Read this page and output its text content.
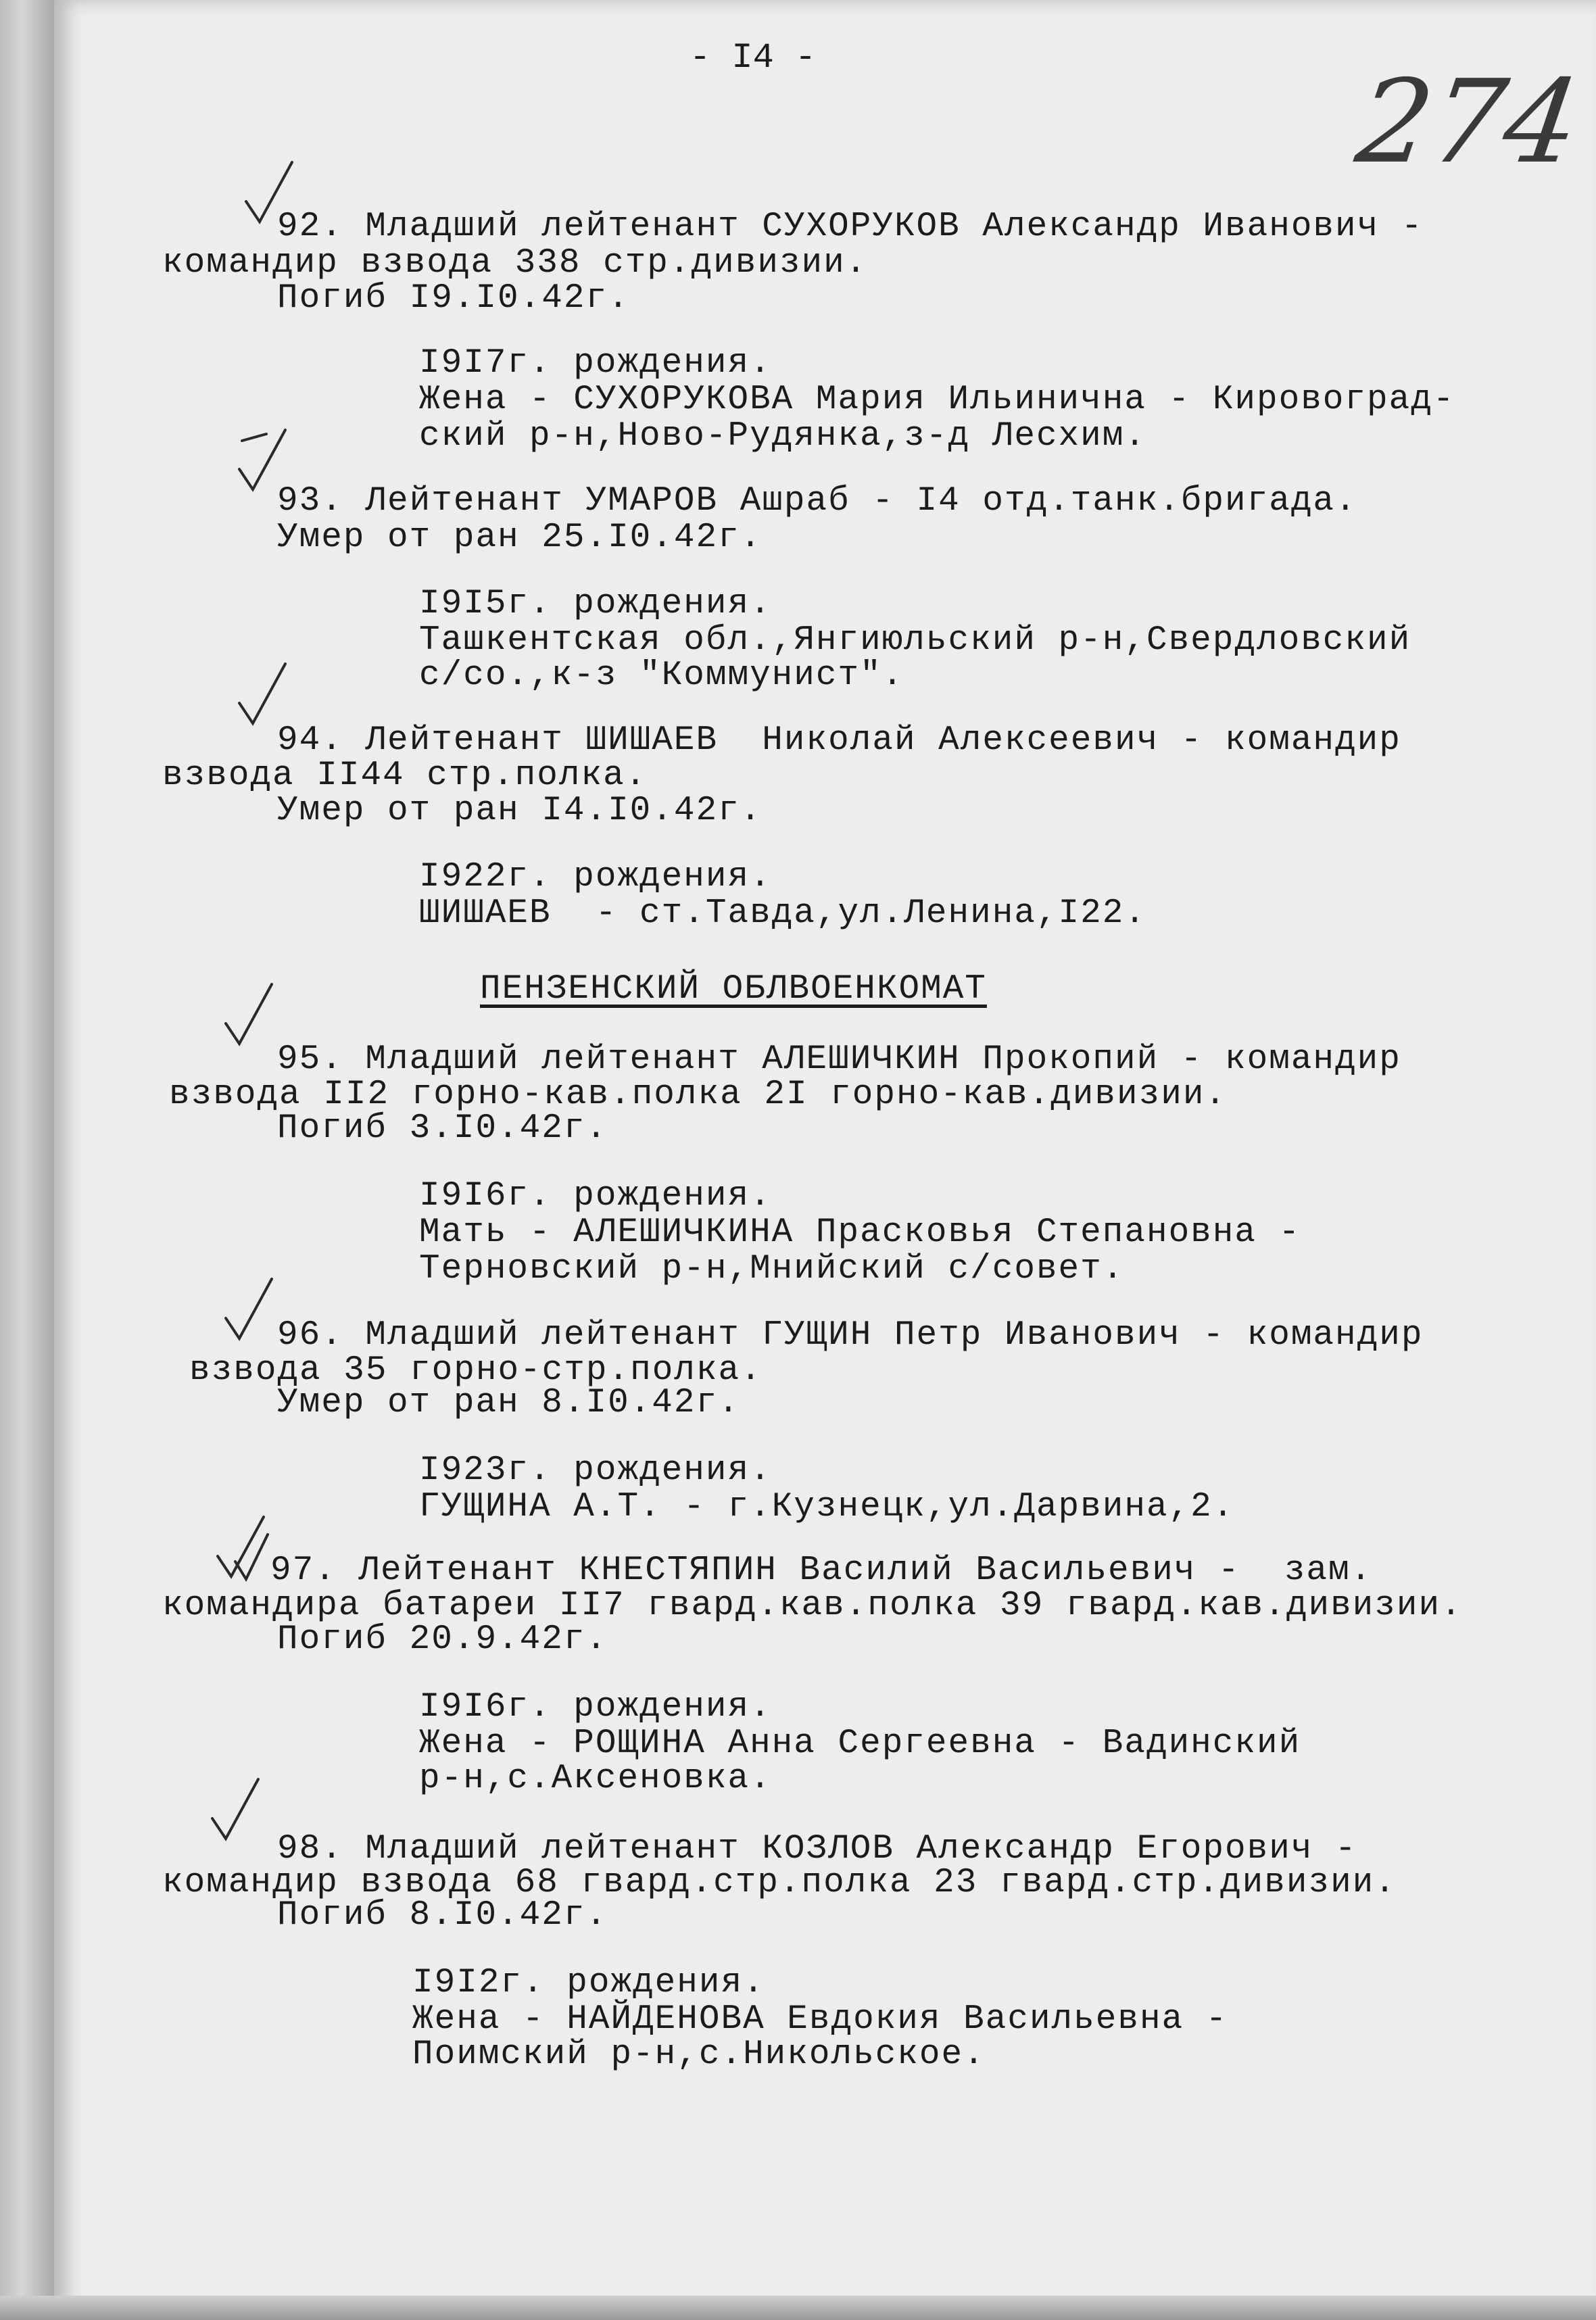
- I4 -	274
92. Младший лейтенант СУХОРУКОВ Александр Иванович -
командир взвода 338 стр.дивизии.
Погиб I9.I0.42г.
I9I7г. рождения.
Жена - СУХОРУКОВА Мария Ильинична - Кировоград-
ский р-н,Ново-Рудянка,з-д Лесхим.
93. Лейтенант УМАРОВ Ашраб - I4 отд.танк.бригада.
Умер от ран 25.I0.42г.
I9I5г. рождения.
Ташкентская обл.,Янгиюльский р-н,Свердловский
с/со.,к-з "Коммунист".
94. Лейтенант ШИШАЕВ  Николай Алексеевич - командир
взвода II44 стр.полка.
Умер от ран I4.I0.42г.
I922г. рождения.
ШИШАЕВ  - ст.Тавда,ул.Ленина,I22.
ПЕНЗЕНСКИЙ ОБЛВОЕНКОМАТ
95. Младший лейтенант АЛЕШИЧКИН Прокопий - командир
взвода II2 горно-кав.полка 2I горно-кав.дивизии.
Погиб 3.I0.42г.
I9I6г. рождения.
Мать - АЛЕШИЧКИНА Прасковья Степановна -
Терновский р-н,Мнийский с/совет.
96. Младший лейтенант ГУЩИН Петр Иванович - командир
взвода 35 горно-стр.полка.
Умер от ран 8.I0.42г.
I923г. рождения.
ГУЩИНА А.Т. - г.Кузнецк,ул.Дарвина,2.
97. Лейтенант КНЕСТЯПИН Василий Васильевич -  зам.
командира батареи II7 гвард.кав.полка 39 гвард.кав.дивизии.
Погиб 20.9.42г.
I9I6г. рождения.
Жена - РОЩИНА Анна Сергеевна - Вадинский
р-н,с.Аксеновка.
98. Младший лейтенант КОЗЛОВ Александр Егорович -
командир взвода 68 гвард.стр.полка 23 гвард.стр.дивизии.
Погиб 8.I0.42г.
I9I2г. рождения.
Жена - НАЙДЕНОВА Евдокия Васильевна -
Поимский р-н,с.Никольское.
